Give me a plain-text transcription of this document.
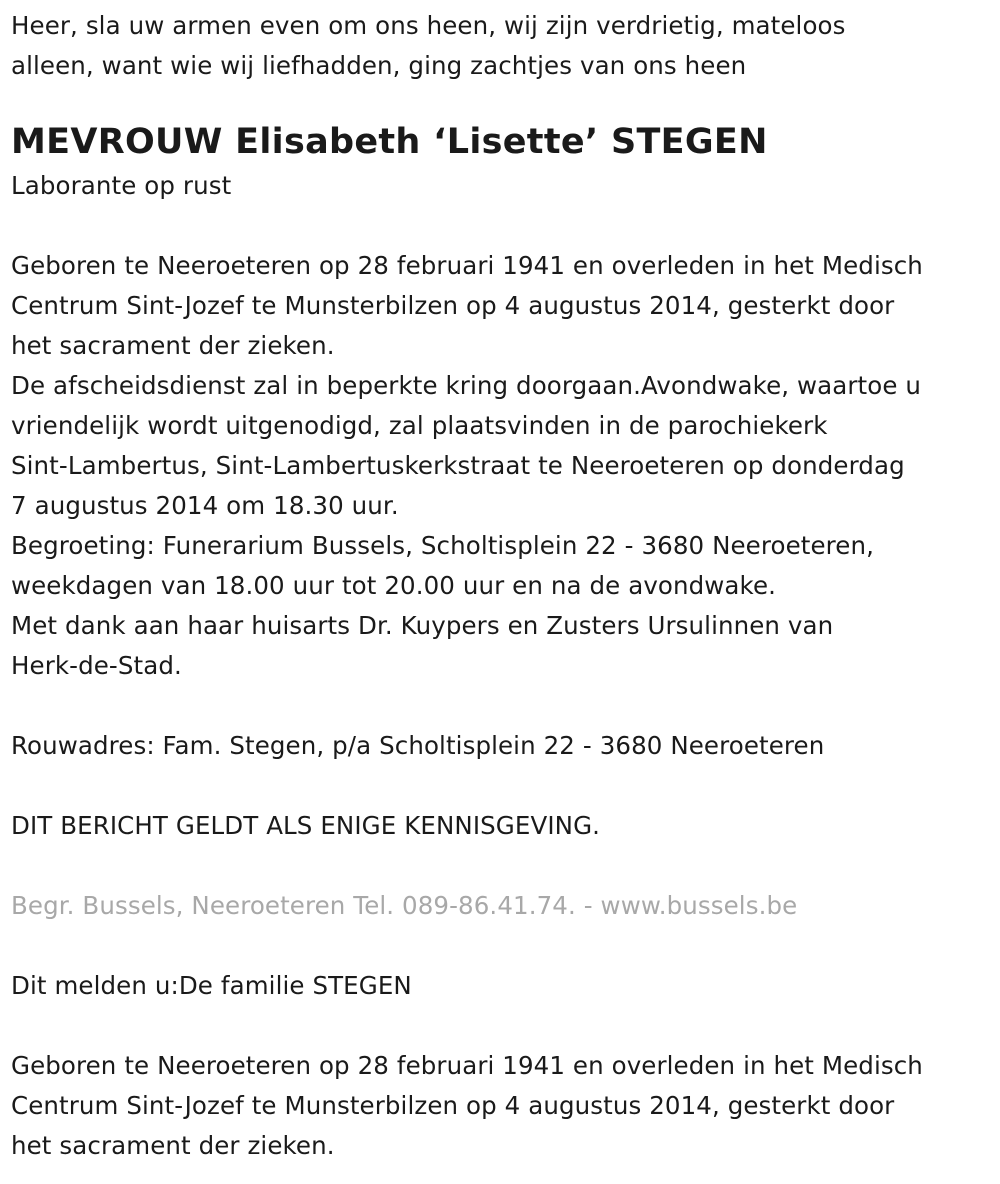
Heer, sla uw armen even om ons heen, wij zijn verdrietig, mateloos
alleen, want wie wij liefhadden, ging zachtjes van ons heen
MEVROUW Elisabeth ‘Lisette’ STEGEN
Laborante op rust
Geboren te Neeroeteren op 28 februari 1941 en overleden in het Medisch
Centrum Sint-Jozef te Munsterbilzen op 4 augustus 2014, gesterkt door
het sacrament der zieken.
De afscheidsdienst zal in beperkte kring doorgaan.Avondwake, waartoe u
vriendelijk wordt uitgenodigd, zal plaatsvinden in de parochiekerk
Sint-Lambertus, Sint-Lambertuskerkstraat te Neeroeteren op donderdag
7 augustus 2014 om 18.30 uur.
Begroeting: Funerarium Bussels, Scholtisplein 22 - 3680 Neeroeteren,
weekdagen van 18.00 uur tot 20.00 uur en na de avondwake.
Met dank aan haar huisarts Dr. Kuypers en Zusters Ursulinnen van
Herk-de-Stad.
Rouwadres: Fam. Stegen, p/a Scholtisplein 22 - 3680 Neeroeteren
DIT BERICHT GELDT ALS ENIGE KENNISGEVING.
Begr. Bussels, Neeroeteren Tel. 089-86.41.74. - www.bussels.be
Dit melden u:De familie STEGEN
Geboren te Neeroeteren op 28 februari 1941 en overleden in het Medisch
Centrum Sint-Jozef te Munsterbilzen op 4 augustus 2014, gesterkt door
het sacrament der zieken.
